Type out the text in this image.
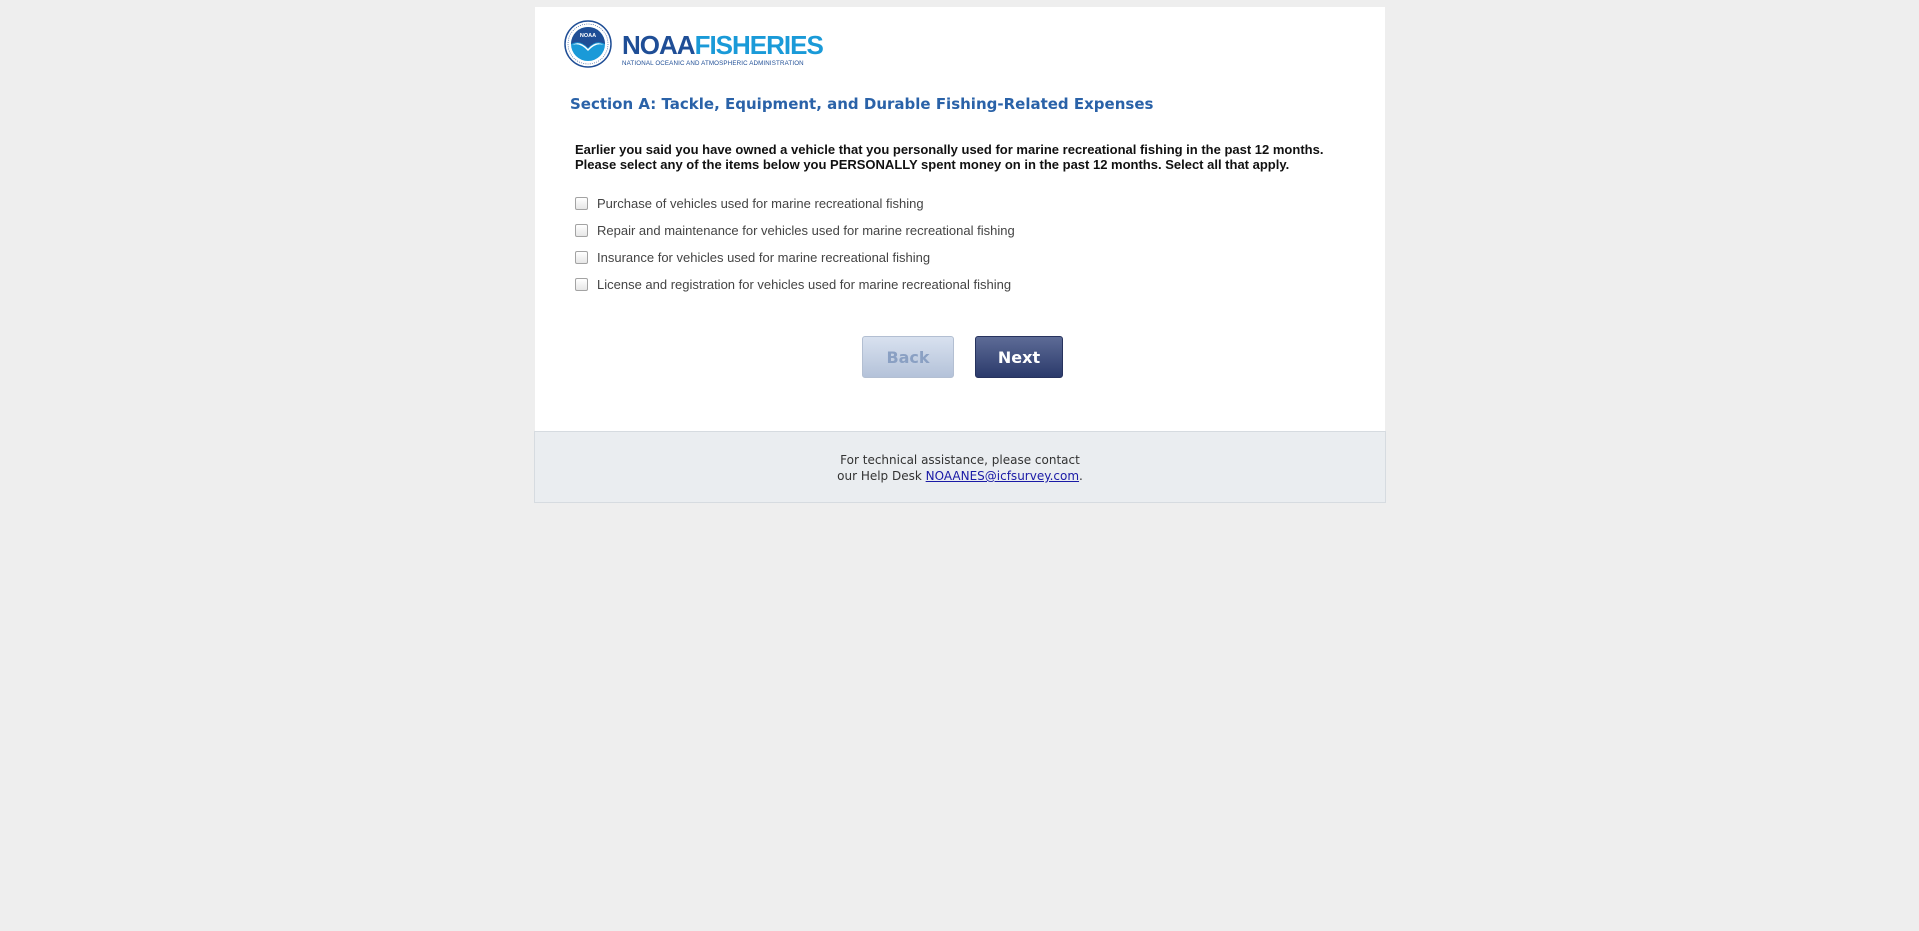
NOAA NOAAFISHERIES
NATIONAL OCEANIC AND ATMOSPHERIC ADMINISTRATION
Section A: Tackle, Equipment, and Durable Fishing-Related Expenses
Earlier you said you have owned a vehicle that you personally used for marine recreational fishing in the past 12 months.
Please select any of the items below you PERSONALLY spent money on in the past 12 months. Select all that apply.
Purchase of vehicles used for marine recreational fishing
Repair and maintenance for vehicles used for marine recreational fishing
Insurance for vehicles used for marine recreational fishing
License and registration for vehicles used for marine recreational fishing
Back	Next
For technical assistance, please contact
our Help Desk NOAANES@icfsurvey.com.
